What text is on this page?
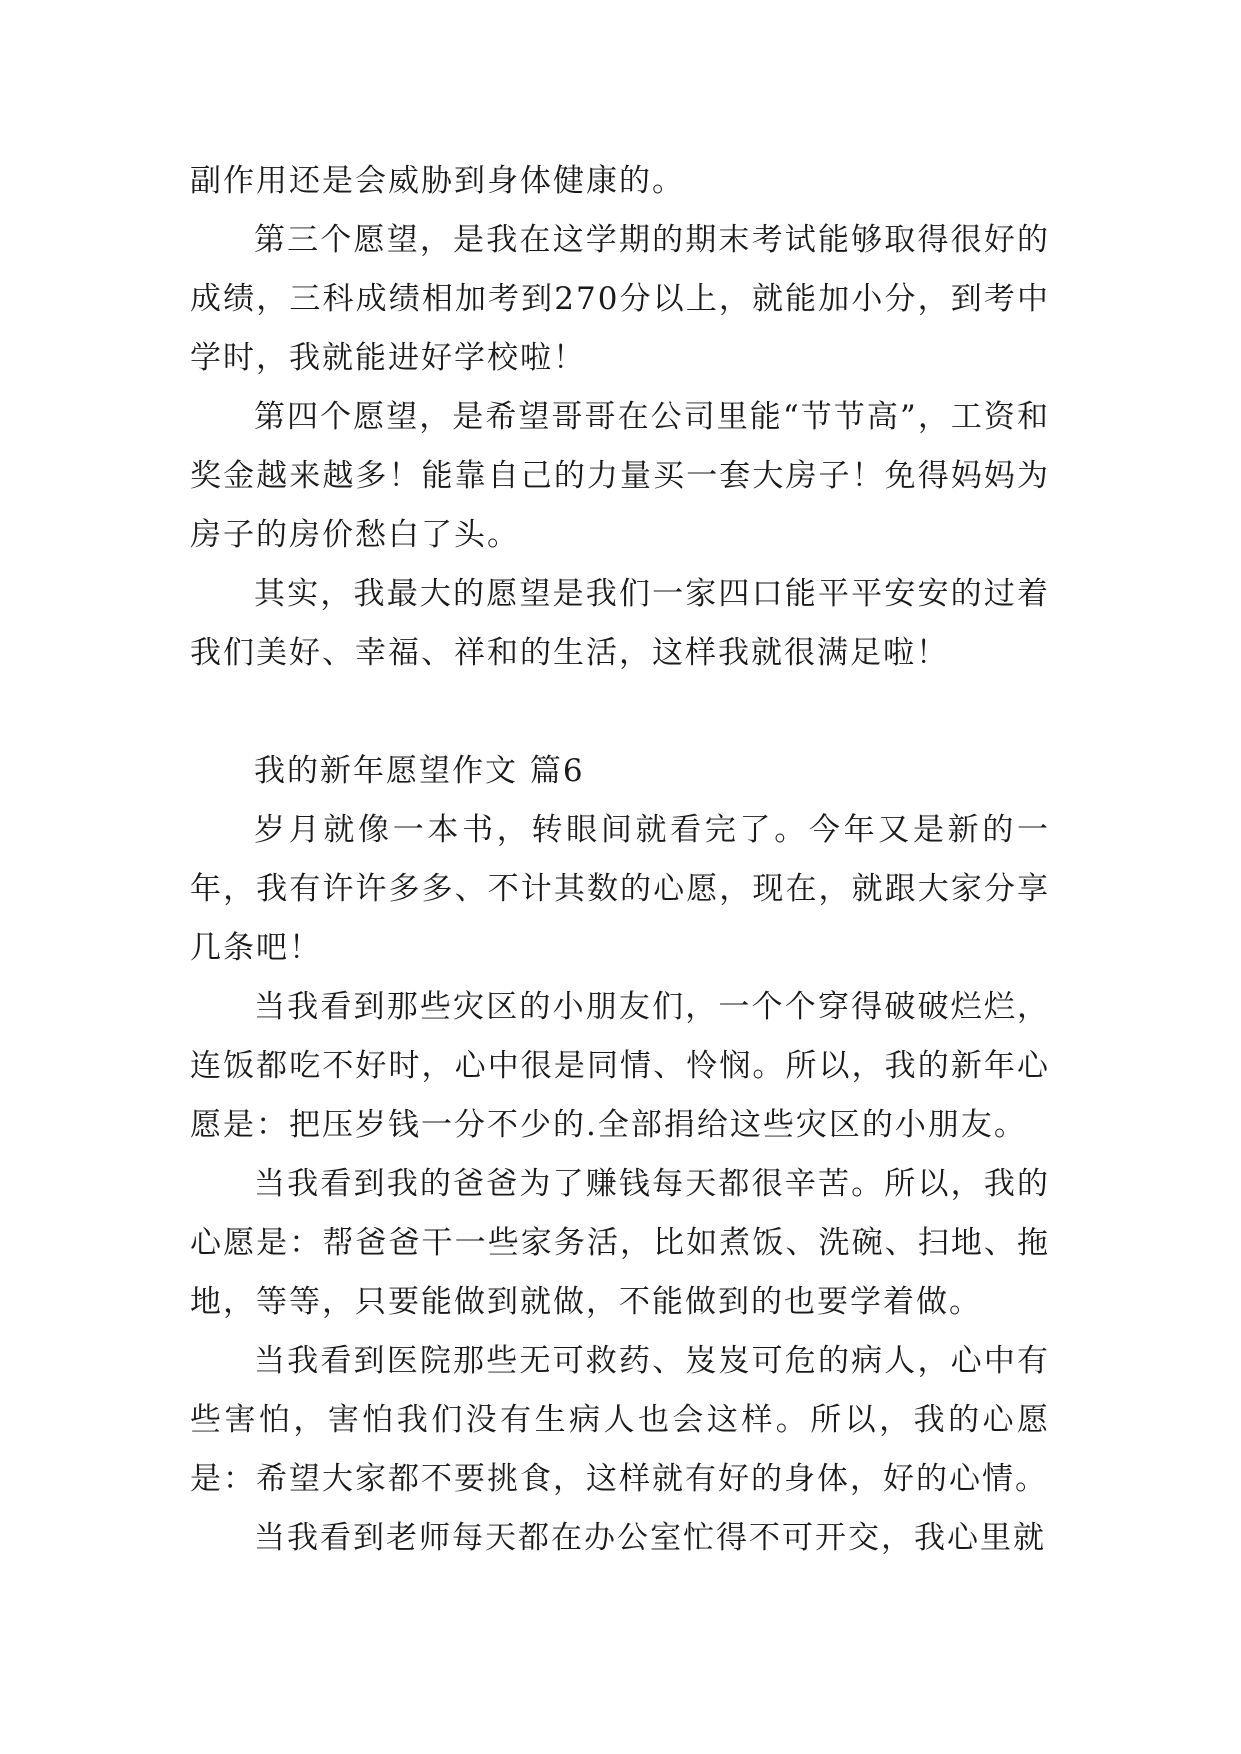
副作用还是会威胁到身体健康的。

第三个愿望，是我在这学期的期末考试能够取得很好的成绩，三科成绩相加考到270分以上，就能加小分，到考中学时，我就能进好学校啦！

第四个愿望，是希望哥哥在公司里能“节节高”，工资和奖金越来越多！能靠自己的力量买一套大房子！免得妈妈为房子的房价愁白了头。

其实，我最大的愿望是我们一家四口能平平安安的过着我们美好、幸福、祥和的生活，这样我就很满足啦！

我的新年愿望作文 篇6

岁月就像一本书，转眼间就看完了。今年又是新的一年，我有许许多多、不计其数的心愿，现在，就跟大家分享几条吧！

当我看到那些灾区的小朋友们，一个个穿得破破烂烂，连饭都吃不好时，心中很是同情、怜悯。所以，我的新年心愿是：把压岁钱一分不少的.全部捐给这些灾区的小朋友。

当我看到我的爸爸为了赚钱每天都很辛苦。所以，我的心愿是：帮爸爸干一些家务活，比如煮饭、洗碗、扫地、拖地，等等，只要能做到就做，不能做到的也要学着做。

当我看到医院那些无可救药、岌岌可危的病人，心中有些害怕，害怕我们没有生病人也会这样。所以，我的心愿是：希望大家都不要挑食，这样就有好的身体，好的心情。

当我看到老师每天都在办公室忙得不可开交，我心里就
